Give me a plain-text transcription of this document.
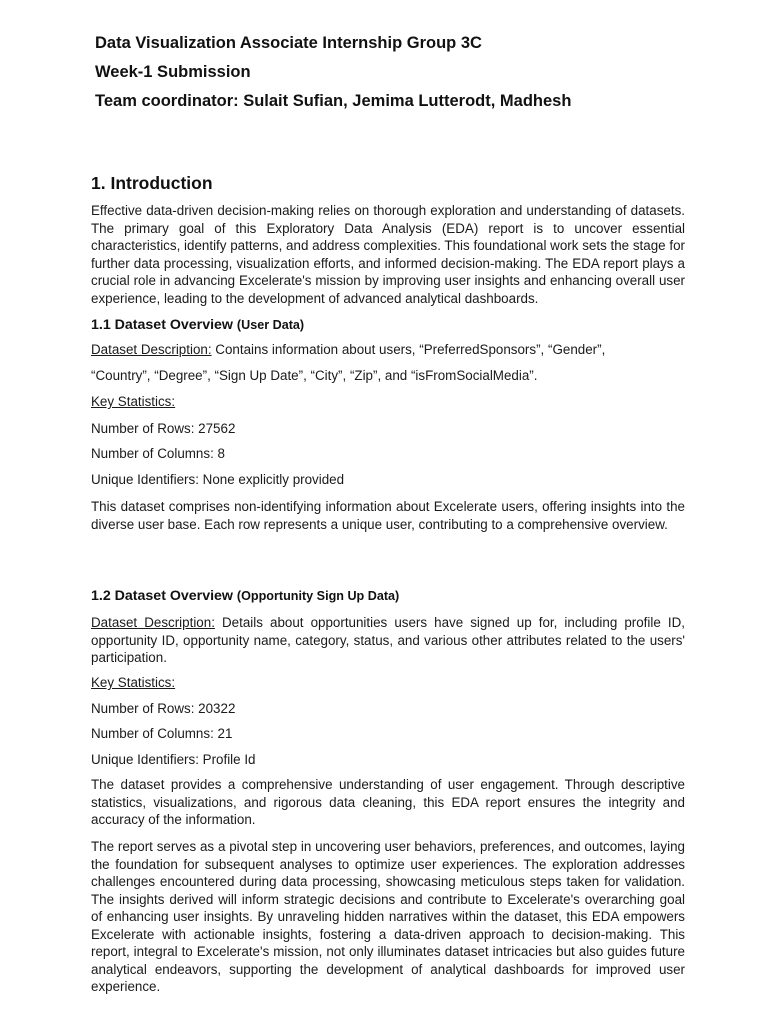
Data Visualization Associate Internship Group 3C
Week-1 Submission
Team coordinator: Sulait Sufian, Jemima Lutterodt, Madhesh
1. Introduction
Effective data-driven decision-making relies on thorough exploration and understanding of datasets. The primary goal of this Exploratory Data Analysis (EDA) report is to uncover essential characteristics, identify patterns, and address complexities. This foundational work sets the stage for further data processing, visualization efforts, and informed decision-making. The EDA report plays a crucial role in advancing Excelerate's mission by improving user insights and enhancing overall user experience, leading to the development of advanced analytical dashboards.
1.1 Dataset Overview (User Data)
Dataset Description: Contains information about users, “PreferredSponsors”, “Gender”,
“Country”, “Degree”, “Sign Up Date”, “City”, “Zip”, and “isFromSocialMedia”.
Key Statistics:
Number of Rows: 27562
Number of Columns: 8
Unique Identifiers: None explicitly provided
This dataset comprises non-identifying information about Excelerate users, offering insights into the diverse user base. Each row represents a unique user, contributing to a comprehensive overview.
1.2 Dataset Overview (Opportunity Sign Up Data)
Dataset Description: Details about opportunities users have signed up for, including profile ID, opportunity ID, opportunity name, category, status, and various other attributes related to the users' participation.
Key Statistics:
Number of Rows: 20322
Number of Columns: 21
Unique Identifiers: Profile Id
The dataset provides a comprehensive understanding of user engagement. Through descriptive statistics, visualizations, and rigorous data cleaning, this EDA report ensures the integrity and accuracy of the information.
The report serves as a pivotal step in uncovering user behaviors, preferences, and outcomes, laying the foundation for subsequent analyses to optimize user experiences. The exploration addresses challenges encountered during data processing, showcasing meticulous steps taken for validation. The insights derived will inform strategic decisions and contribute to Excelerate's overarching goal of enhancing user insights. By unraveling hidden narratives within the dataset, this EDA empowers Excelerate with actionable insights, fostering a data-driven approach to decision-making. This report, integral to Excelerate's mission, not only illuminates dataset intricacies but also guides future analytical endeavors, supporting the development of analytical dashboards for improved user experience.
